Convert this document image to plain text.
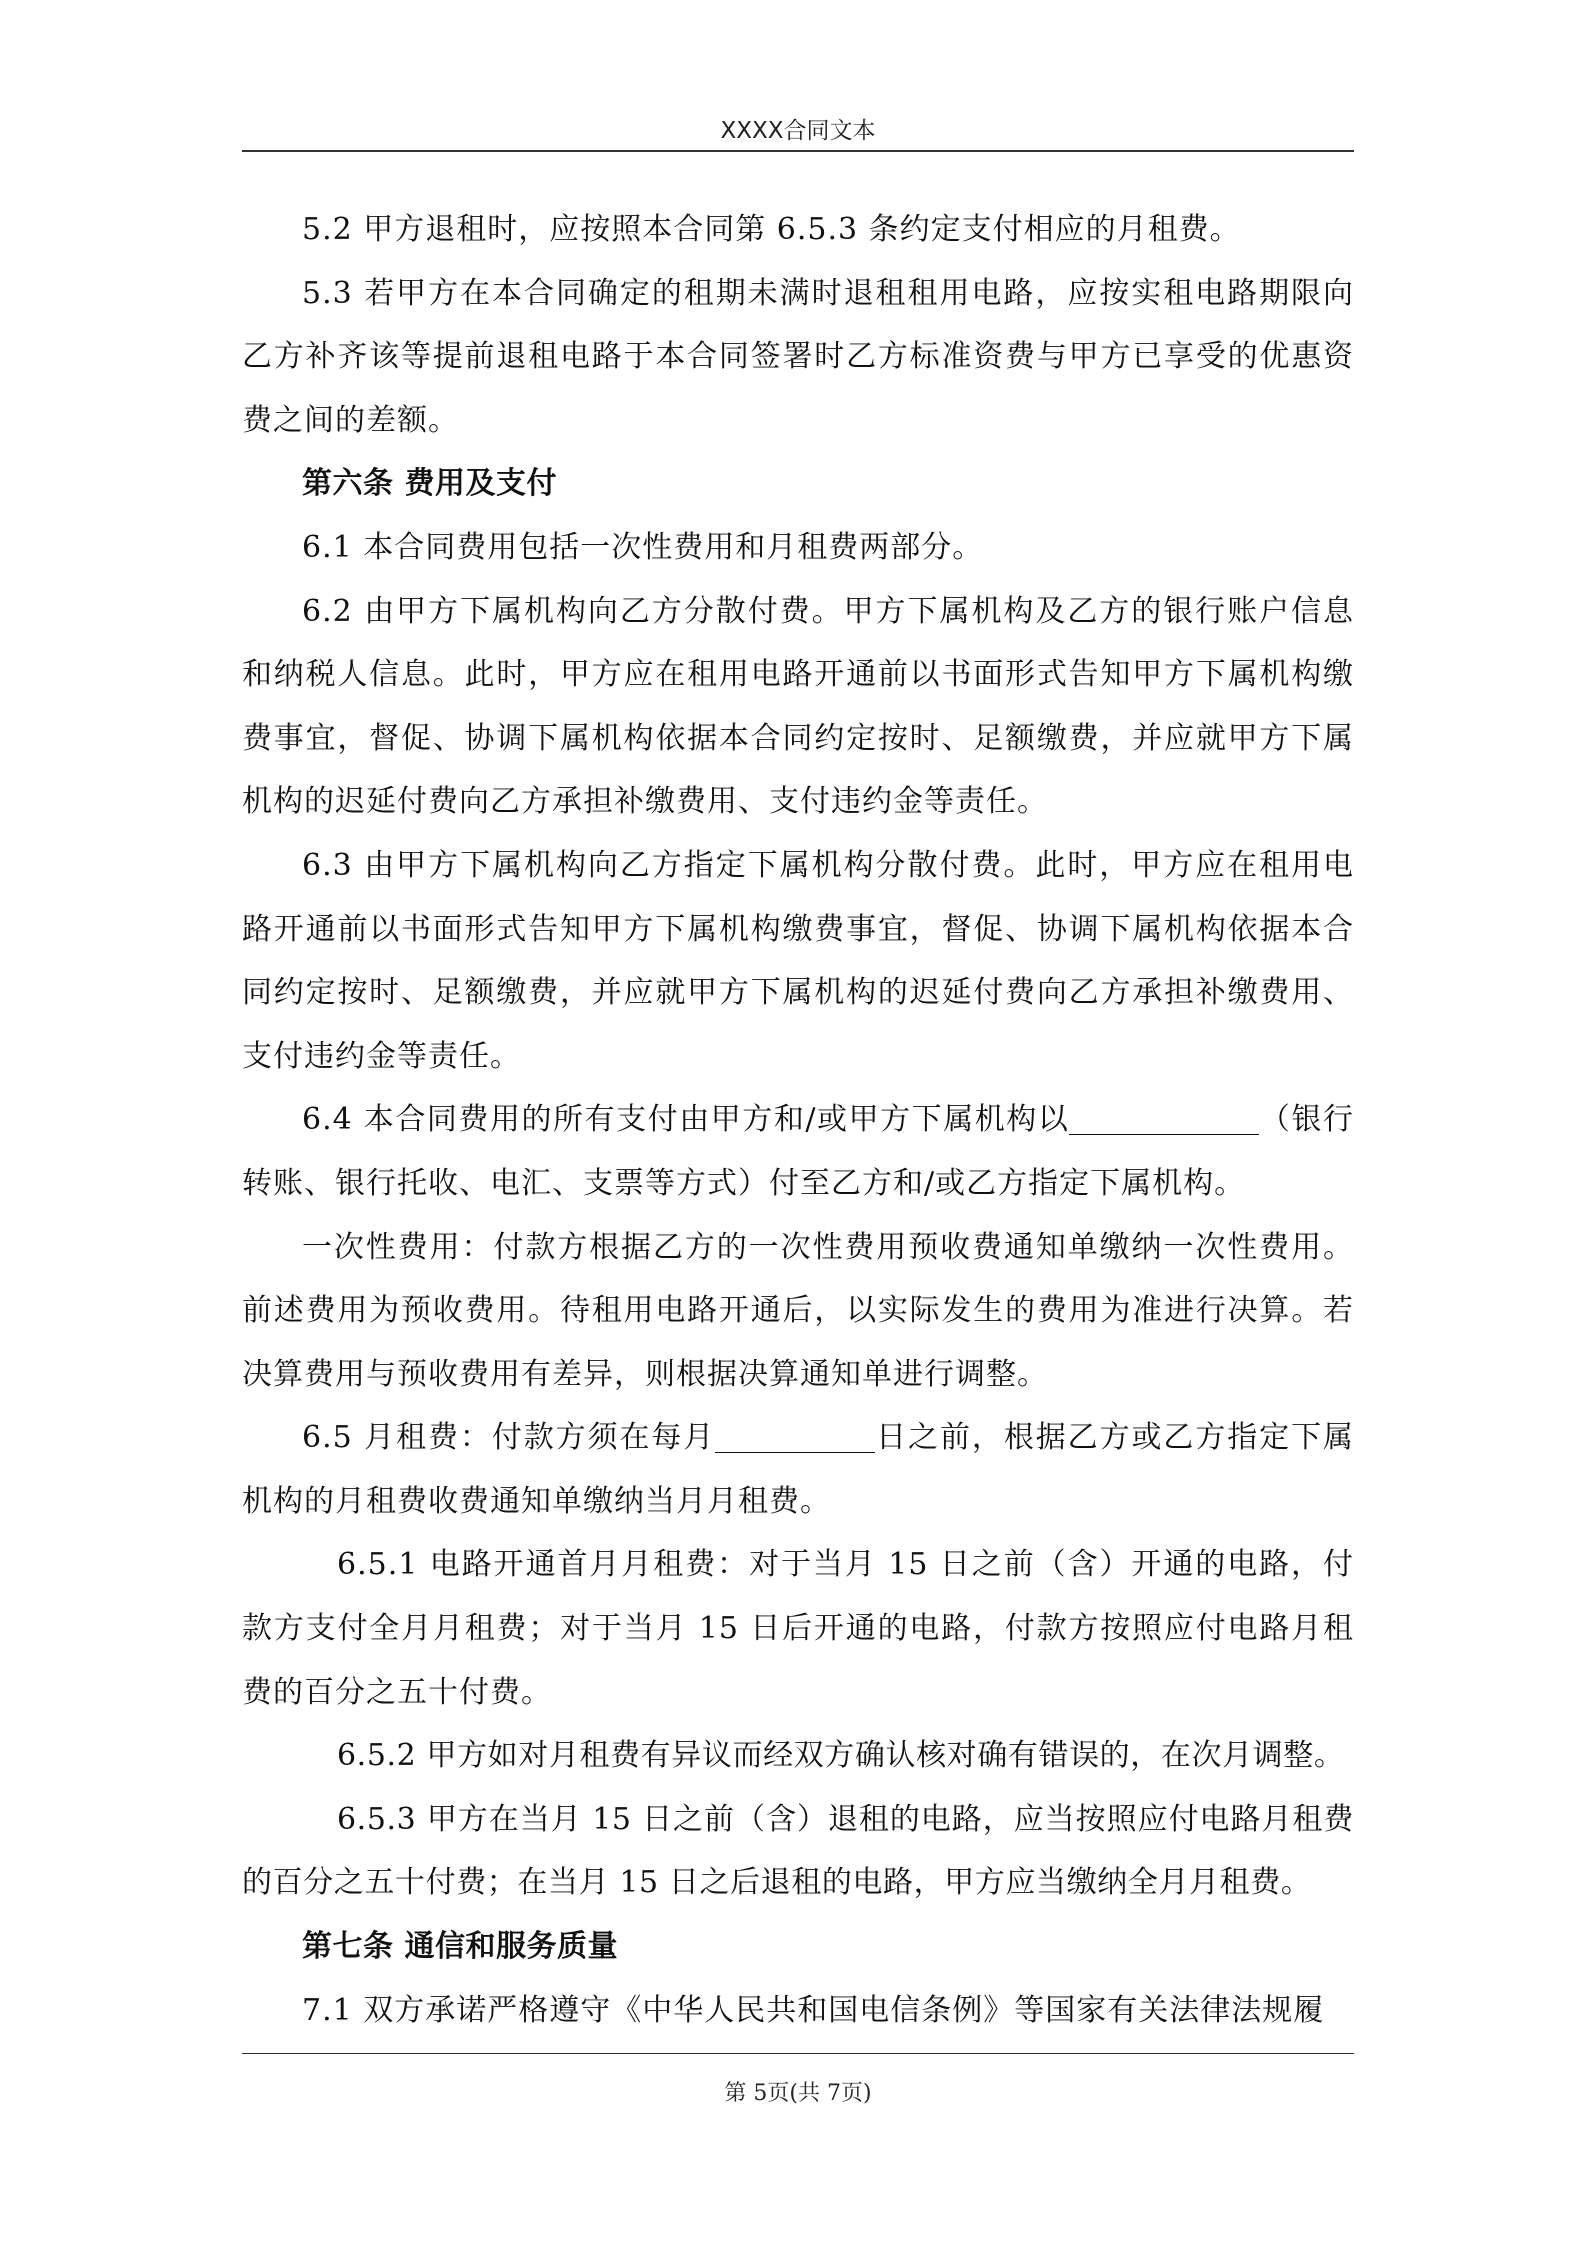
XXXX合同文本

5.2 甲方退租时，应按照本合同第 6.5.3 条约定支付相应的月租费。

5.3 若甲方在本合同确定的租期未满时退租租用电路，应按实租电路期限向乙方补齐该等提前退租电路于本合同签署时乙方标准资费与甲方已享受的优惠资费之间的差额。

第六条 费用及支付

6.1 本合同费用包括一次性费用和月租费两部分。

6.2 由甲方下属机构向乙方分散付费。甲方下属机构及乙方的银行账户信息和纳税人信息。此时，甲方应在租用电路开通前以书面形式告知甲方下属机构缴费事宜，督促、协调下属机构依据本合同约定按时、足额缴费，并应就甲方下属机构的迟延付费向乙方承担补缴费用、支付违约金等责任。

6.3 由甲方下属机构向乙方指定下属机构分散付费。此时，甲方应在租用电路开通前以书面形式告知甲方下属机构缴费事宜，督促、协调下属机构依据本合同约定按时、足额缴费，并应就甲方下属机构的迟延付费向乙方承担补缴费用、支付违约金等责任。

6.4 本合同费用的所有支付由甲方和/或甲方下属机构以	（银行转账、银行托收、电汇、支票等方式）付至乙方和/或乙方指定下属机构。

一次性费用：付款方根据乙方的一次性费用预收费通知单缴纳一次性费用。前述费用为预收费用。待租用电路开通后，以实际发生的费用为准进行决算。若决算费用与预收费用有差异，则根据决算通知单进行调整。

6.5 月租费：付款方须在每月	日之前，根据乙方或乙方指定下属机构的月租费收费通知单缴纳当月月租费。

6.5.1 电路开通首月月租费：对于当月 15 日之前（含）开通的电路，付款方支付全月月租费；对于当月 15 日后开通的电路，付款方按照应付电路月租费的百分之五十付费。

6.5.2 甲方如对月租费有异议而经双方确认核对确有错误的，在次月调整。

6.5.3 甲方在当月 15 日之前（含）退租的电路，应当按照应付电路月租费的百分之五十付费；在当月 15 日之后退租的电路，甲方应当缴纳全月月租费。

第七条 通信和服务质量

7.1 双方承诺严格遵守《中华人民共和国电信条例》等国家有关法律法规履

第 5页(共 7页)
